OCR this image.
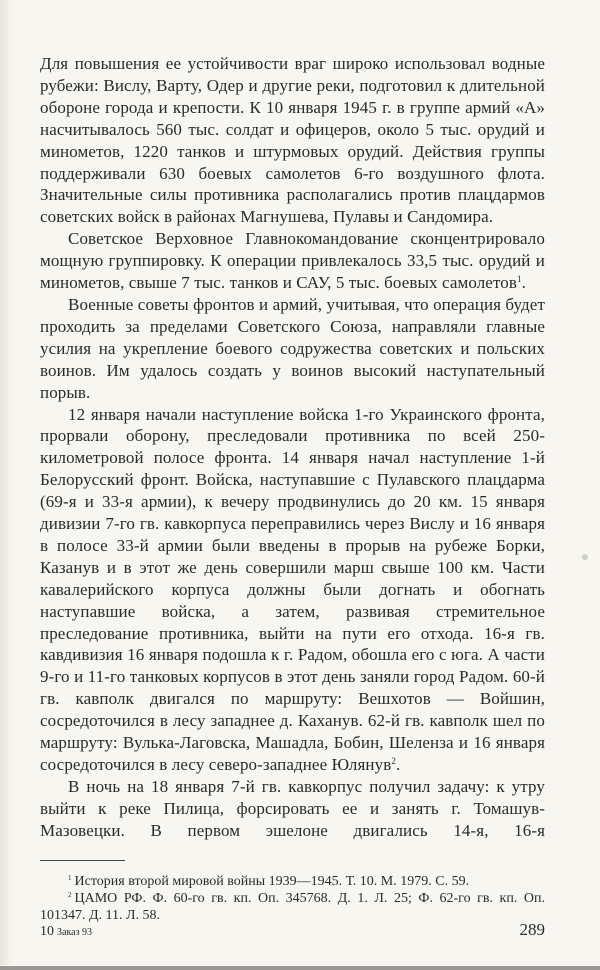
Для повышения ее устойчивости враг широко использовал водные рубежи: Вислу, Варту, Одер и другие реки, подготовил к длительной обороне города и крепости. К 10 января 1945 г. в группе армий «А» насчитывалось 560 тыс. солдат и офицеров, около 5 тыс. орудий и минометов, 1220 танков и штурмовых орудий. Действия группы поддерживали 630 боевых самолетов 6-го воздушного флота. Значительные силы противника располагались против плацдармов советских войск в районах Магнушева, Пулавы и Сандомира.

Советское Верховное Главнокомандование сконцентрировало мощную группировку. К операции привлекалось 33,5 тыс. орудий и минометов, свыше 7 тыс. танков и САУ, 5 тыс. боевых самолетов$^1$.

Военные советы фронтов и армий, учитывая, что операция будет проходить за пределами Советского Союза, направляли главные усилия на укрепление боевого содружества советских и польских воинов. Им удалось создать у воинов высокий наступательный порыв.

12 января начали наступление войска 1-го Украинского фронта, прорвали оборону, преследовали противника по всей 250-километровой полосе фронта. 14 января начал наступление 1-й Белорусский фронт. Войска, наступавшие с Пулавского плацдарма (69-я и 33-я армии), к вечеру продвинулись до 20 км. 15 января дивизии 7-го гв. кавкорпуса переправились через Вислу и 16 января в полосе 33-й армии были введены в прорыв на рубеже Борки, Казанув и в этот же день совершили марш свыше 100 км. Части кавалерийского корпуса должны были догнать и обогнать наступавшие войска, а затем, развивая стремительное преследование противника, выйти на пути его отхода. 16-я гв. кавдивизия 16 января подошла к г. Радом, обошла его с юга. А части 9-го и 11-го танковых корпусов в этот день заняли город Радом. 60-й гв. кавполк двигался по маршруту: Вешхотов — Войшин, сосредоточился в лесу западнее д. Каханув. 62-й гв. кавполк шел по маршруту: Вулька-Лаговска, Машадла, Бобин, Шеленза и 16 января сосредоточился в лесу северо-западнее Юлянув$^2$.

В ночь на 18 января 7-й гв. кавкорпус получил задачу: к утру выйти к реке Пилица, форсировать ее и занять г. Томашув-Мазовецки. В первом эшелоне двигались 14-я, 16-я

$^1$ История второй мировой войны 1939—1945. Т. 10. М. 1979. С. 59.

$^2$ ЦАМО РФ. Ф. 60-го гв. кп. Оп. 345768. Д. 1. Л. 25; Ф. 62-го гв. кп. Оп. 101347. Д. 11. Л. 58.

10 Заказ 93	289
